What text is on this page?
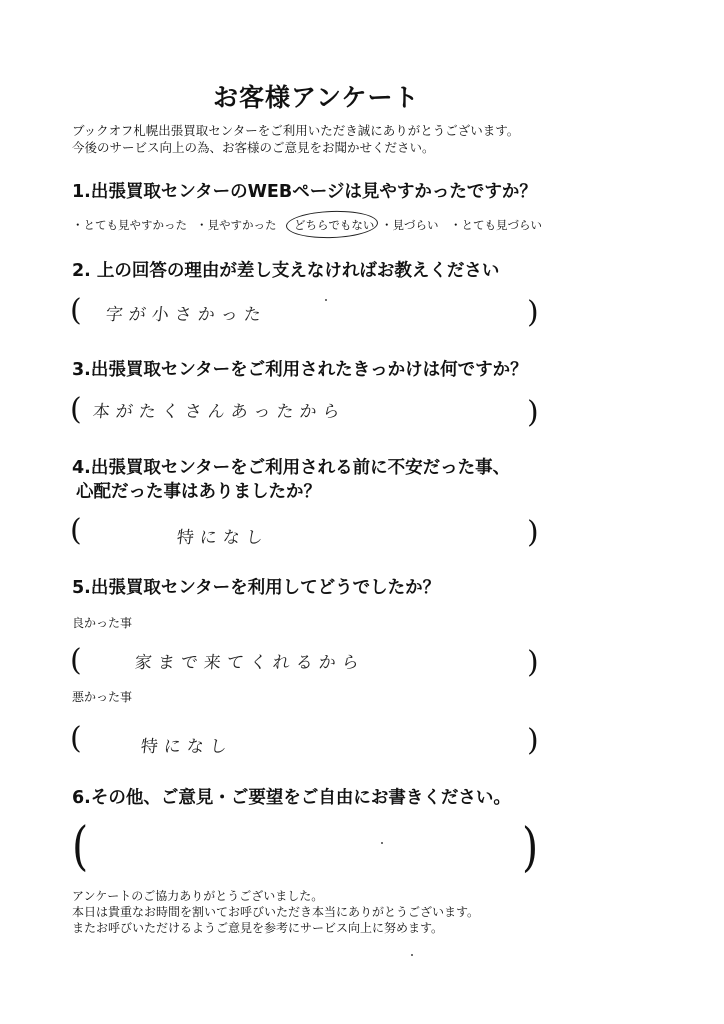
お客様アンケート
ブックオフ札幌出張買取センターをご利用いただき誠にありがとうございます。
今後のサービス向上の為、お客様のご意見をお聞かせください。
1.出張買取センターのWEBページは見やすかったですか？
・とても見やすかった ・見やすかった どちらでもない ・見づらい ・とても見づらい
2. 上の回答の理由が差し支えなければお教えください
( 字が小さかった	)
3.出張買取センターをご利用されたきっかけは何ですか？
( 本がたくさんあったから	)
4.出張買取センターをご利用される前に不安だった事、
心配だった事はありましたか？
(	特になし	)
5.出張買取センターを利用してどうでしたか？
良かった事
(	家まで来てくれるから	)
悪かった事
(	特になし	)
6.その他、ご意見・ご要望をご自由にお書きください。
(	)
アンケートのご協力ありがとうございました。
本日は貴重なお時間を割いてお呼びいただき本当にありがとうございます。
またお呼びいただけるようご意見を参考にサービス向上に努めます。
